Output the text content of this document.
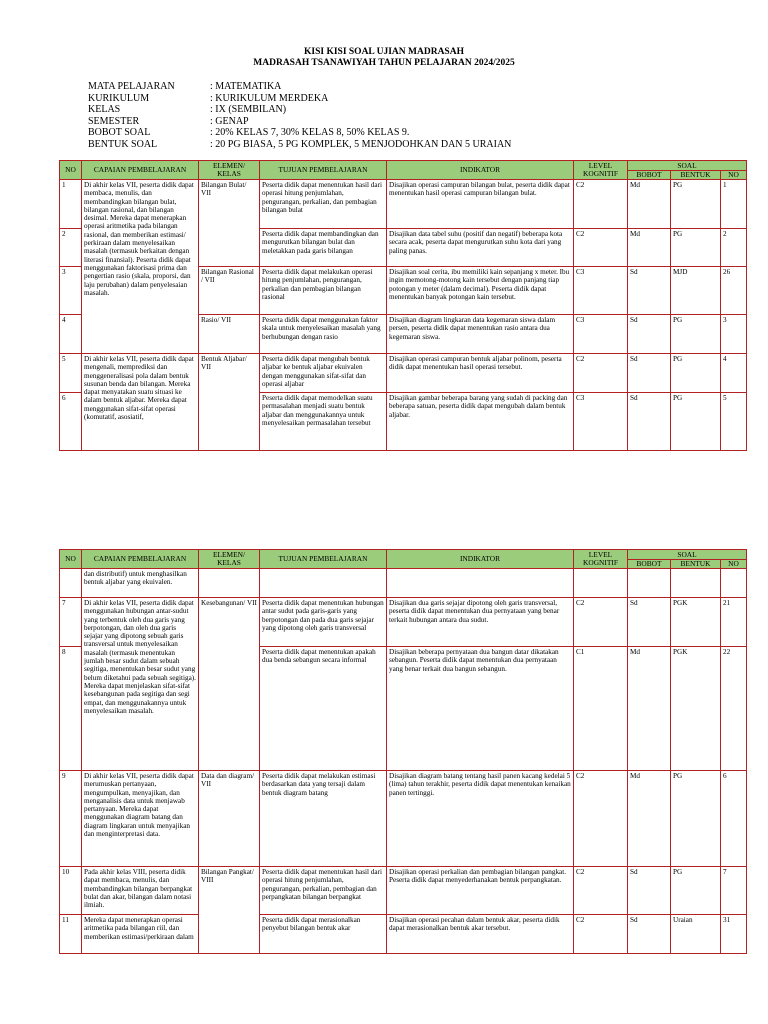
KISI KISI SOAL UJIAN MADRASAH
MADRASAH TSANAWIYAH TAHUN PELAJARAN 2024/2025
MATA PELAJARAN	: MATEMATIKA
KURIKULUM	: KURIKULUM MERDEKA
KELAS	: IX (SEMBILAN)
SEMESTER	: GENAP
BOBOT SOAL	: 20% KELAS 7, 30% KELAS 8, 50% KELAS 9.
BENTUK SOAL	: 20 PG BIASA, 5 PG KOMPLEK, 5 MENJODOHKAN DAN 5 URAIAN
NO	CAPAIAN PEMBELAJARAN	ELEMEN/ KELAS	TUJUAN PEMBELAJARAN	INDIKATOR	LEVEL KOGNITIF	SOAL		
						BOBOT	BENTUK	NO
1	Di akhir kelas VII, peserta didik dapat membaca, menulis, dan membandingkan bilangan bulat, bilangan rasional, dan bilangan desimal. Mereka dapat menerapkan operasi aritmetika pada bilangan rasional, dan memberikan estimasi/ perkiraan dalam menyelesaikan masalah (termasuk berkaitan dengan literasi finansial). Peserta didik dapat menggunakan faktorisasi prima dan pengertian rasio (skala, proporsi, dan laju perubahan) dalam penyelesaian masalah.	Bilangan Bulat/ VII	Peserta didik dapat menentukan hasil dari operasi hitung penjumlahan, pengurangan, perkalian, dan pembagian bilangan bulat	Disajikan operasi campuran bilangan bulat, peserta didik dapat menentukan hasil operasi campuran bilangan bulat.	C2	Md	PG	1
2			Peserta didik dapat membandingkan dan mengurutkan bilangan bulat dan meletakkan pada garis bilangan	Disajikan data tabel suhu (positif dan negatif) beberapa kota secara acak, peserta dapat mengurutkan suhu kota dari yang paling panas.	C2	Md	PG	2
3		Bilangan Rasional / VII	Peserta didik dapat melakukan operasi hitung penjumlahan, pengurangan, perkalian dan pembagian bilangan rasional	Disajikan soal cerita, ibu memiliki kain sepanjang x meter. Ibu ingin memotong-motong kain tersebut dengan panjang tiap potongan y meter (dalam decimal). Peserta didik dapat menentukan banyak potongan kain tersebut.	C3	Sd	MJD	26
4		Rasio/ VII	Peserta didik dapat menggunakan faktor skala untuk menyelesaikan masalah yang berhubungan dengan rasio	Disajikan diagram lingkaran data kegemaran siswa dalam persen, peserta didik dapat menentukan rasio antara dua kegemaran siswa.	C3	Sd	PG	3
5	Di akhir kelas VII, peserta didik dapat mengenali, memprediksi dan menggeneralisasi pola dalam bentuk susunan benda dan bilangan. Mereka dapat menyatakan suatu situasi ke dalam bentuk aljabar. Mereka dapat menggunakan sifat-sifat operasi (komutatif, asosiatif,	Bentuk Aljabar/ VII	Peserta didik dapat mengubah bentuk aljabar ke bentuk aljabar ekuivalen dengan menggunakan sifat-sifat dan operasi aljabar	Disajikan operasi campuran bentuk aljabar polinom, peserta didik dapat menentukan hasil operasi tersebut.	C2	Sd	PG	4
6			Peserta didik dapat memodelkan suatu permasalahan menjadi suatu bentuk aljabar dan menggunakannya untuk menyelesaikan permasalahan tersebut	Disajikan gambar beberapa barang yang sudah di packing dan beberapa satuan, peserta didik dapat mengubah dalam bentuk aljabar.	C3	Sd	PG	5
NO	CAPAIAN PEMBELAJARAN	ELEMEN/ KELAS	TUJUAN PEMBELAJARAN	INDIKATOR	LEVEL KOGNITIF	SOAL		
						BOBOT	BENTUK	NO
	dan distributif) untuk menghasilkan bentuk aljabar yang ekuivalen.							
7	Di akhir kelas VII, peserta didik dapat menggunakan hubungan antar-sudut yang terbentuk oleh dua garis yang berpotongan, dan oleh dua garis sejajar yang dipotong sebuah garis transversal untuk menyelesaikan masalah (termasuk menentukan jumlah besar sudut dalam sebuah segitiga, menentukan besar sudut yang belum diketahui pada sebuah segitiga). Mereka dapat menjelaskan sifat-sifat kesebangunan pada segitiga dan segi empat, dan menggunakannya untuk menyelesaikan masalah.	Kesebangunan/ VII	Peserta didik dapat menentukan hubungan antar sudut pada garis-garis yang berpotongan dan pada dua garis sejajar yang dipotong oleh garis transversal	Disajikan dua garis sejajar dipotong oleh garis transversal, peserta didik dapat menentukan dua pernyataan yang benar terkait hubungan antara dua sudut.	C2	Sd	PGK	21
8			Peserta didik dapat menentukan apakah dua benda sebangun secara informal	Disajikan beberapa pernyataan dua bangun datar dikatakan sebangun. Peserta didik dapat menentukan dua pernyataan yang benar terkait dua bangun sebangun.	C1	Md	PGK	22
9	Di akhir kelas VII, peserta didik dapat merumuskan pertanyaan, mengumpulkan, menyajikan, dan menganalisis data untuk menjawab pertanyaan. Mereka dapat menggunakan diagram batang dan diagram lingkaran untuk menyajikan dan menginterpretasi data.	Data dan diagram/ VII	Peserta didik dapat melakukan estimasi berdasarkan data yang tersaji dalam bentuk diagram batang	Disajikan diagram batang tentang hasil panen kacang kedelai 5 (lima) tahun terakhir, peserta didik dapat menentukan kenaikan panen tertinggi.	C2	Md	PG	6
10	Pada akhir kelas VIII, peserta didik dapat membaca, menulis, dan membandingkan bilangan berpangkat bulat dan akar, bilangan dalam notasi ilmiah.	Bilangan Pangkat/ VIII	Peserta didik dapat menentukan hasil dari operasi hitung penjumlahan, pengurangan, perkalian, pembagian dan perpangkatan bilangan berpangkat	Disajikan operasi perkalian dan pembagian bilangan pangkat. Peserta didik dapat menyederhanakan bentuk perpangkatan.	C2	Sd	PG	7
11	Mereka dapat menerapkan operasi aritmetika pada bilangan riil, dan memberikan estimasi/perkiraan dalam		Peserta didik dapat merasionalkan penyebut bilangan bentuk akar	Disajikan operasi pecahan dalam bentuk akar, peserta didik dapat merasionalkan bentuk akar tersebut.	C2	Sd	Uraian	31
